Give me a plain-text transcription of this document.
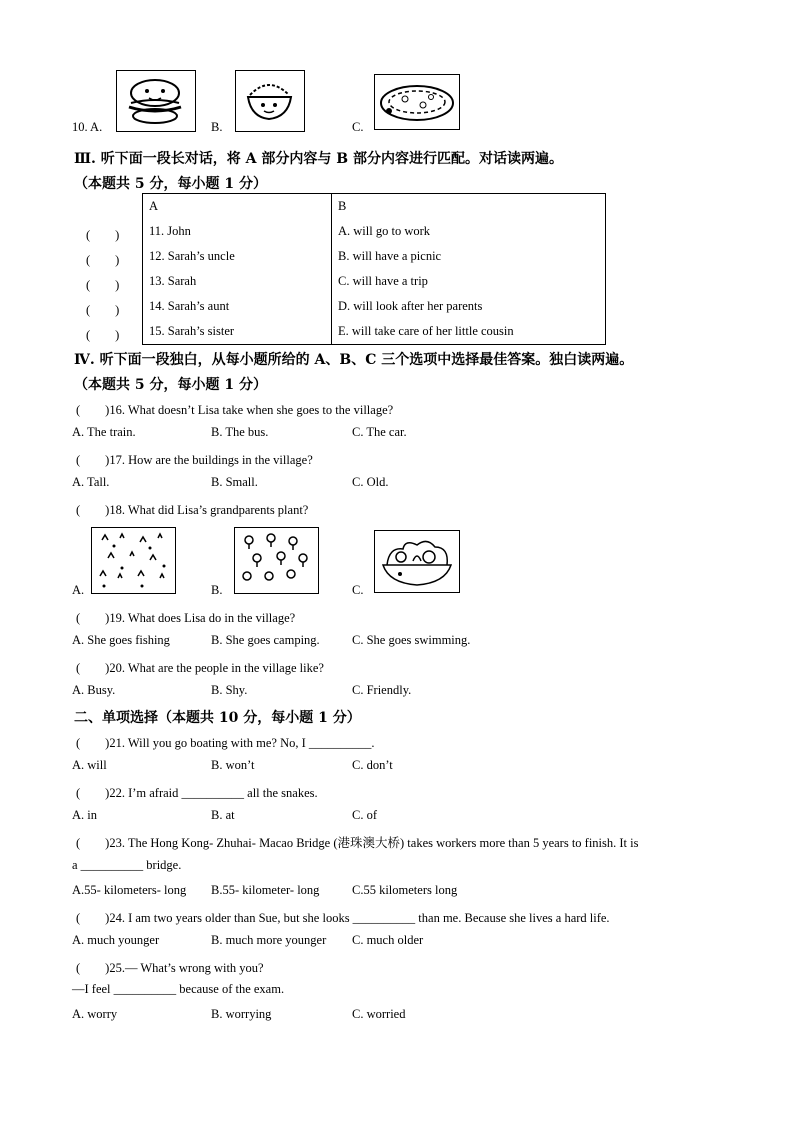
10. A.	B.	C.
Ⅲ. 听下面一段长对话，将 A 部分内容与 B 部分内容进行匹配。对话读两遍。
（本题共 5 分，每小题 1 分）
A	B
11. John	A. will go to work
12. Sarah’s uncle	B. will have a picnic
13. Sarah	C. will have a trip
14. Sarah’s aunt	D. will look after her parents
15. Sarah’s sister	E. will take care of her little cousin
(　　)
(　　)
(　　)
(　　)
(　　)
Ⅳ. 听下面一段独白，从每小题所给的 A、B、C 三个选项中选择最佳答案。独白读两遍。
（本题共 5 分，每小题 1 分）
(　　)16. What doesn’t Lisa take when she goes to the village?
A. The train.	B. The bus.	C. The car.
(　　)17. How are the buildings in the village?
A. Tall.	B. Small.	C. Old.
(　　)18. What did Lisa’s grandparents plant?
A.	B.	C.
(　　)19. What does Lisa do in the village?
A. She goes fishing	B. She goes camping.	C. She goes swimming.
(　　)20. What are the people in the village like?
A. Busy.	B. Shy.	C. Friendly.
二、单项选择（本题共 10 分，每小题 1 分）
(　　)21. Will you go boating with me? No, I __________.
A. will	B. won’t	C. don’t
(　　)22. I’m afraid __________ all the snakes.
A. in	B. at	C. of
(　　)23. The Hong Kong- Zhuhai- Macao Bridge (港珠澳大桥) takes workers more than 5 years to finish. It is
a __________ bridge.
A.55- kilometers- long B.55- kilometer- long	C.55 kilometers long
(　　)24. I am two years older than Sue, but she looks __________ than me. Because she lives a hard life.
A. much younger	B. much more younger C. much older
(　　)25.— What’s wrong with you?
—I feel __________ because of the exam.
A. worry	B. worrying	C. worried
